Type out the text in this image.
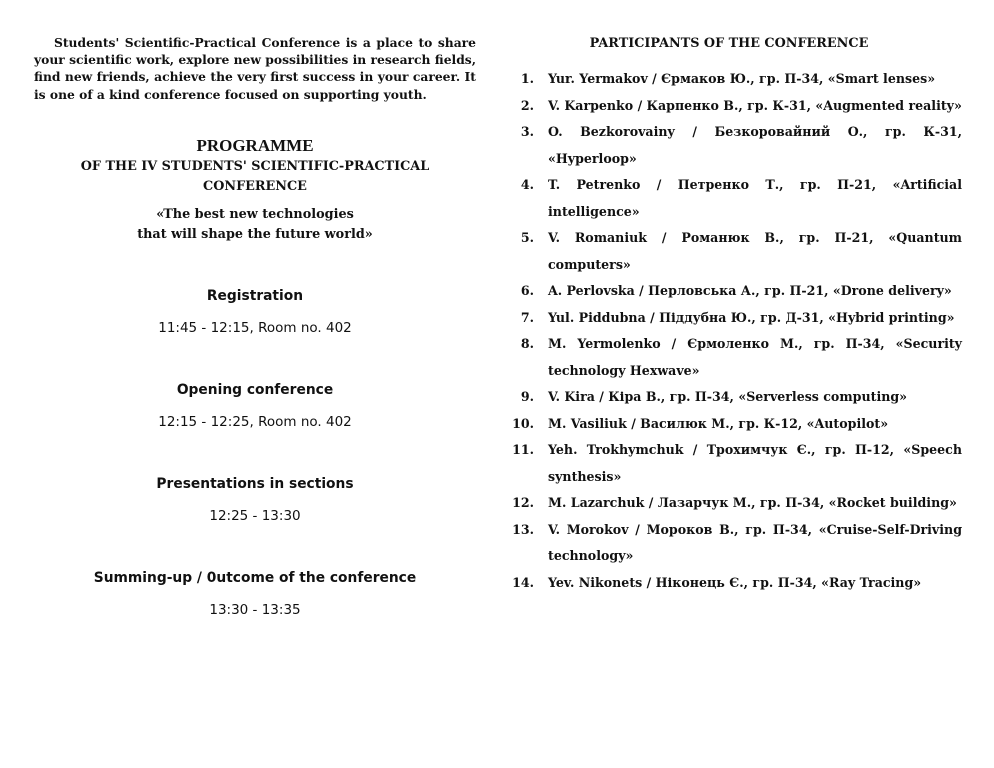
Students' Scientific-Practical Conference is a place to share your scientific work, explore new possibilities in research fields, find new friends, achieve the very first success in your career. It is one of a kind conference focused on supporting youth.

PROGRAMME
OF THE IV STUDENTS' SCIENTIFIC-PRACTICAL
CONFERENCE
«The best new technologies
that will shape the future world»
Registration
11:45 - 12:15, Room no. 402
Opening conference
12:15 - 12:25, Room no. 402
Presentations in sections
12:25 - 13:30
Summing-up / 0utcome of the conference
13:30 - 13:35
PARTICIPANTS OF THE CONFERENCE
1. Yur. Yermakov / Єрмаков Ю., гр. П-34, «Smart lenses»
2. V. Karpenko / Карпенко В., гр. К-31, «Augmented reality»
3. O. Bezkorovainy / Безкоровайний О., гр. К-31, «Hyperloop»
4. T. Petrenko / Петренко Т., гр. П-21, «Artificial intelligence»
5. V. Romaniuk / Романюк В., гр. П-21, «Quantum computers»
6. A. Perlovska / Перловська А., гр. П-21, «Drone delivery»
7. Yul. Piddubna / Піддубна Ю., гр. Д-31, «Hybrid printing»
8. M. Yermolenko / Єрмоленко М., гр. П-34, «Security technology Hexwave»
9. V. Kira / Кіра В., гр. П-34, «Serverless computing»
10. M. Vasiliuk / Василюк М., гр. К-12, «Autopilot»
11. Yeh. Trokhymchuk / Трохимчук Є., гр. П-12, «Speech synthesis»
12. M. Lazarchuk / Лазарчук М., гр. П-34, «Rocket building»
13. V. Morokov / Мороков В., гр. П-34, «Cruise-Self-Driving technology»
14. Yev. Nikonets / Ніконець Є., гр. П-34, «Ray Tracing»
